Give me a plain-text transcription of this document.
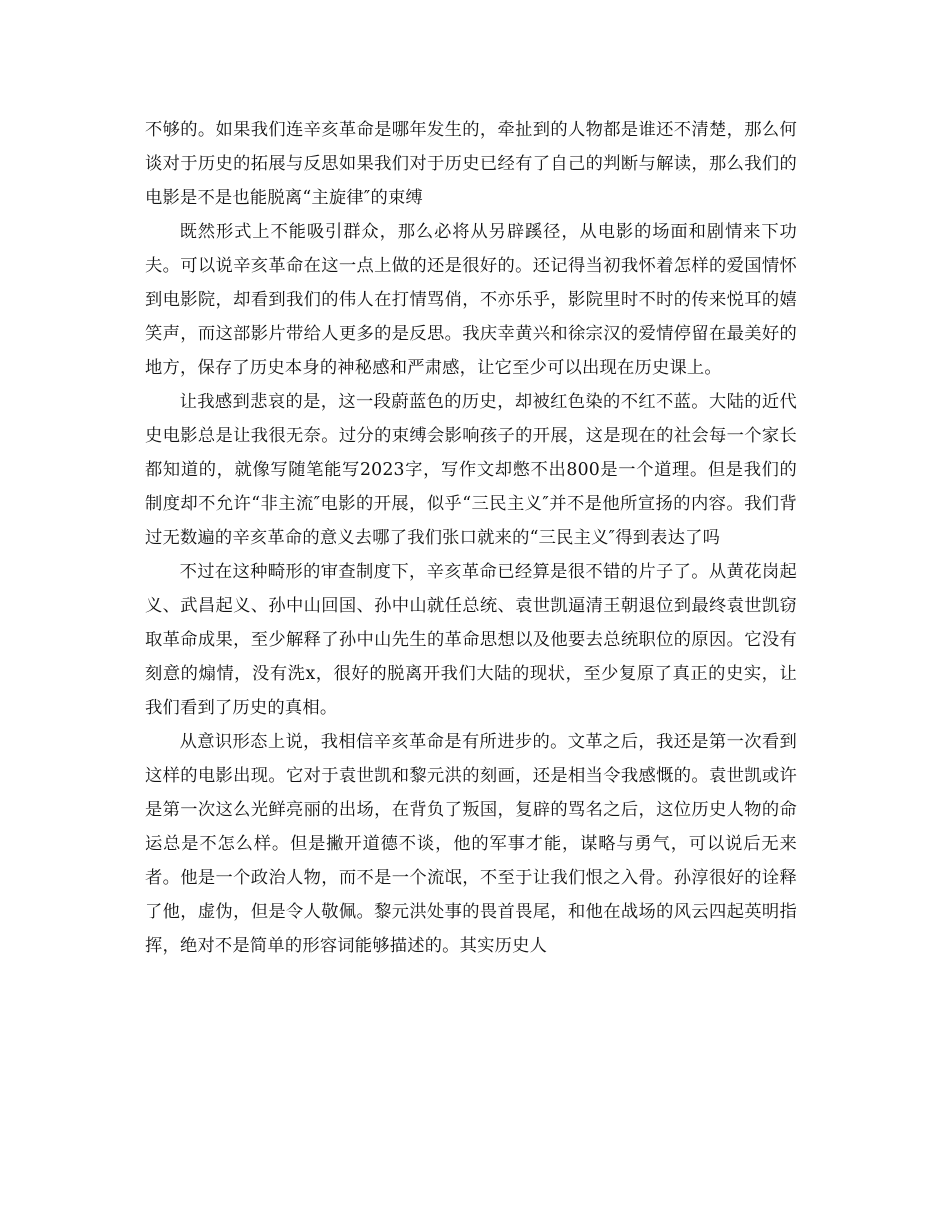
不够的。如果我们连辛亥革命是哪年发生的，牵扯到的人物都是谁还不清楚，那么何谈对于历史的拓展与反思如果我们对于历史已经有了自己的判断与解读，那么我们的电影是不是也能脱离“主旋律″的束缚

既然形式上不能吸引群众，那么必将从另辟蹊径，从电影的场面和剧情来下功夫。可以说辛亥革命在这一点上做的还是很好的。还记得当初我怀着怎样的爱国情怀到电影院，却看到我们的伟人在打情骂俏，不亦乐乎，影院里时不时的传来悦耳的嬉笑声，而这部影片带给人更多的是反思。我庆幸黄兴和徐宗汉的爱情停留在最美好的地方，保存了历史本身的神秘感和严肃感，让它至少可以出现在历史课上。

让我感到悲哀的是，这一段蔚蓝色的历史，却被红色染的不红不蓝。大陆的近代史电影总是让我很无奈。过分的束缚会影响孩子的开展，这是现在的社会每一个家长都知道的，就像写随笔能写2023字，写作文却憋不出800是一个道理。但是我们的制度却不允许“非主流″电影的开展，似乎“三民主义″并不是他所宣扬的内容。我们背过无数遍的辛亥革命的意义去哪了我们张口就来的“三民主义″得到表达了吗

不过在这种畸形的审查制度下，辛亥革命已经算是很不错的片子了。从黄花岗起义、武昌起义、孙中山回国、孙中山就任总统、袁世凯逼清王朝退位到最终袁世凯窃取革命成果，至少解释了孙中山先生的革命思想以及他要去总统职位的原因。它没有刻意的煽情，没有洗x，很好的脱离开我们大陆的现状，至少复原了真正的史实，让我们看到了历史的真相。

从意识形态上说，我相信辛亥革命是有所进步的。文革之后，我还是第一次看到这样的电影出现。它对于袁世凯和黎元洪的刻画，还是相当令我感慨的。袁世凯或许是第一次这么光鲜亮丽的出场，在背负了叛国，复辟的骂名之后，这位历史人物的命运总是不怎么样。但是撇开道德不谈，他的军事才能，谋略与勇气，可以说后无来者。他是一个政治人物，而不是一个流氓，不至于让我们恨之入骨。孙淳很好的诠释了他，虚伪，但是令人敬佩。黎元洪处事的畏首畏尾，和他在战场的风云四起英明指挥，绝对不是简单的形容词能够描述的。其实历史人
